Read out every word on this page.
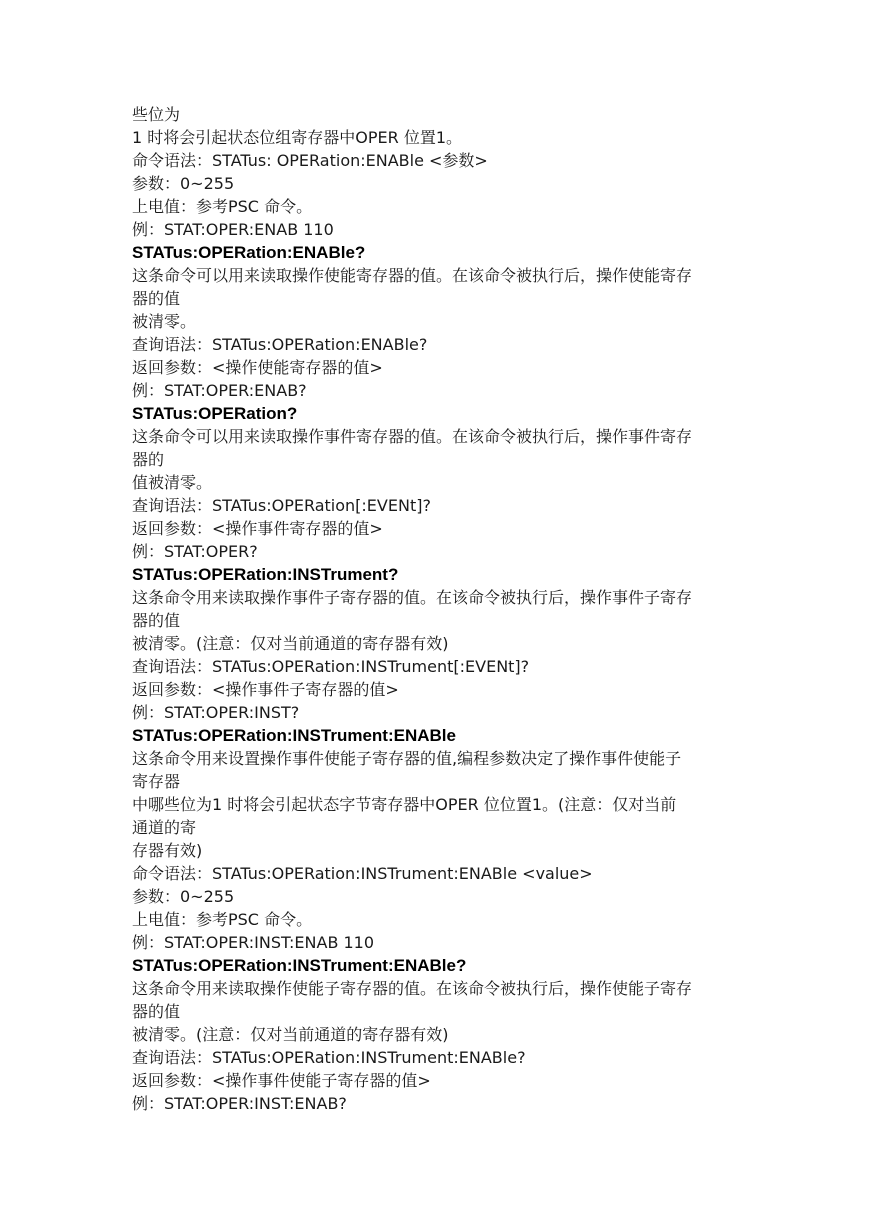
些位为
1 时将会引起状态位组寄存器中OPER 位置1。
命令语法：STATus: OPERation:ENABle <参数>
参数：0~255
上电值：参考PSC 命令。
例：STAT:OPER:ENAB 110
STATus:OPERation:ENABle?
这条命令可以用来读取操作使能寄存器的值。在该命令被执行后，操作使能寄存
器的值
被清零。
查询语法：STATus:OPERation:ENABle?
返回参数：<操作使能寄存器的值>
例：STAT:OPER:ENAB?
STATus:OPERation?
这条命令可以用来读取操作事件寄存器的值。在该命令被执行后，操作事件寄存
器的
值被清零。
查询语法：STATus:OPERation[:EVENt]?
返回参数：<操作事件寄存器的值>
例：STAT:OPER?
STATus:OPERation:INSTrument?
这条命令用来读取操作事件子寄存器的值。在该命令被执行后，操作事件子寄存
器的值
被清零。(注意：仅对当前通道的寄存器有效)
查询语法：STATus:OPERation:INSTrument[:EVENt]?
返回参数：<操作事件子寄存器的值>
例：STAT:OPER:INST?
STATus:OPERation:INSTrument:ENABle
这条命令用来设置操作事件使能子寄存器的值,编程参数决定了操作事件使能子
寄存器
中哪些位为1 时将会引起状态字节寄存器中OPER 位位置1。(注意：仅对当前
通道的寄
存器有效)
命令语法：STATus:OPERation:INSTrument:ENABle <value>
参数：0~255
上电值：参考PSC 命令。
例：STAT:OPER:INST:ENAB 110
STATus:OPERation:INSTrument:ENABle?
这条命令用来读取操作使能子寄存器的值。在该命令被执行后，操作使能子寄存
器的值
被清零。(注意：仅对当前通道的寄存器有效)
查询语法：STATus:OPERation:INSTrument:ENABle?
返回参数：<操作事件使能子寄存器的值>
例：STAT:OPER:INST:ENAB?
